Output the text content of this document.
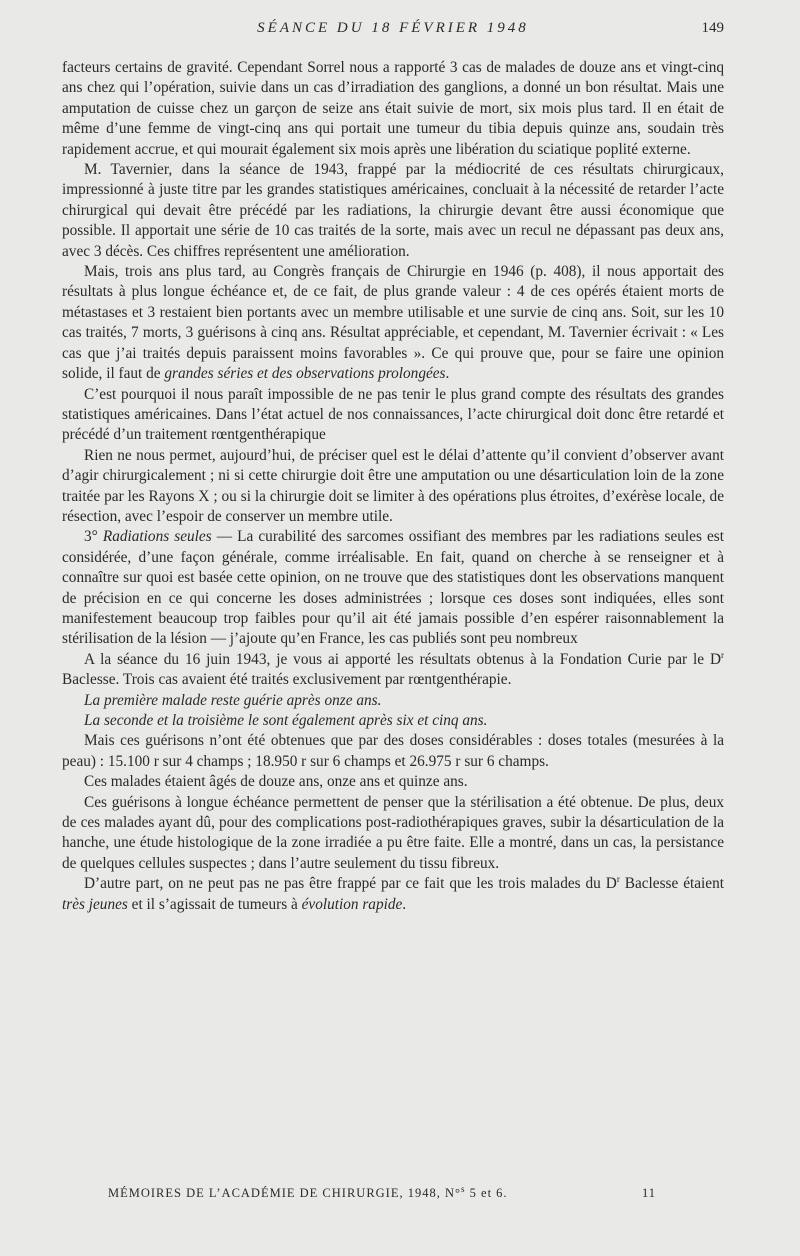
SÉANCE DU 18 FÉVRIER 1948	149

facteurs certains de gravité. Cependant Sorrel nous a rapporté 3 cas de malades de douze ans et vingt-cinq ans chez qui l’opération, suivie dans un cas d’irradiation des ganglions, a donné un bon résultat. Mais une amputation de cuisse chez un garçon de seize ans était suivie de mort, six mois plus tard. Il en était de même d’une femme de vingt-cinq ans qui portait une tumeur du tibia depuis quinze ans, soudain très rapidement accrue, et qui mourait également six mois après une libération du sciatique poplité externe.

M. Tavernier, dans la séance de 1943, frappé par la médiocrité de ces résultats chirurgicaux, impressionné à juste titre par les grandes statistiques américaines, concluait à la nécessité de retarder l’acte chirurgical qui devait être précédé par les radiations, la chirurgie devant être aussi économique que possible. Il apportait une série de 10 cas traités de la sorte, mais avec un recul ne dépassant pas deux ans, avec 3 décès. Ces chiffres représentent une amélioration.

Mais, trois ans plus tard, au Congrès français de Chirurgie en 1946 (p. 408), il nous apportait des résultats à plus longue échéance et, de ce fait, de plus grande valeur : 4 de ces opérés étaient morts de métastases et 3 restaient bien portants avec un membre utilisable et une survie de cinq ans. Soit, sur les 10 cas traités, 7 morts, 3 guérisons à cinq ans. Résultat appréciable, et cependant, M. Tavernier écrivait : « Les cas que j’ai traités depuis paraissent moins favorables ». Ce qui prouve que, pour se faire une opinion solide, il faut de grandes séries et des observations prolongées.

C’est pourquoi il nous paraît impossible de ne pas tenir le plus grand compte des résultats des grandes statistiques américaines. Dans l’état actuel de nos connaissances, l’acte chirurgical doit donc être retardé et précédé d’un traitement rœntgenthérapique

Rien ne nous permet, aujourd’hui, de préciser quel est le délai d’attente qu’il convient d’observer avant d’agir chirurgicalement ; ni si cette chirurgie doit être une amputation ou une désarticulation loin de la zone traitée par les Rayons X ; ou si la chirurgie doit se limiter à des opérations plus étroites, d’exérèse locale, de résection, avec l’espoir de conserver un membre utile.

3° Radiations seules — La curabilité des sarcomes ossifiant des membres par les radiations seules est considérée, d’une façon générale, comme irréalisable. En fait, quand on cherche à se renseigner et à connaître sur quoi est basée cette opinion, on ne trouve que des statistiques dont les observations manquent de précision en ce qui concerne les doses administrées ; lorsque ces doses sont indiquées, elles sont manifestement beaucoup trop faibles pour qu’il ait été jamais possible d’en espérer raisonnablement la stérilisation de la lésion — j’ajoute qu’en France, les cas publiés sont peu nombreux

A la séance du 16 juin 1943, je vous ai apporté les résultats obtenus à la Fondation Curie par le $D^r$ Baclesse. Trois cas avaient été traités exclusivement par rœntgenthérapie.

La première malade reste guérie après onze ans.

La seconde et la troisième le sont également après six et cinq ans.

Mais ces guérisons n’ont été obtenues que par des doses considérables : doses totales (mesurées à la peau) : 15.100 r sur 4 champs ; 18.950 r sur 6 champs et 26.975 r sur 6 champs.

Ces malades étaient âgés de douze ans, onze ans et quinze ans.

Ces guérisons à longue échéance permettent de penser que la stérilisation a été obtenue. De plus, deux de ces malades ayant dû, pour des complications post-radiothérapiques graves, subir la désarticulation de la hanche, une étude histologique de la zone irradiée a pu être faite. Elle a montré, dans un cas, la persistance de quelques cellules suspectes ; dans l’autre seulement du tissu fibreux.

D’autre part, on ne peut pas ne pas être frappé par ce fait que les trois malades du $D^r$ Baclesse étaient très jeunes et il s’agissait de tumeurs à évolution rapide.

MÉMOIRES DE L’ACADÉMIE DE CHIRURGIE, 1948, N°$^s$ 5 et 6.	11
